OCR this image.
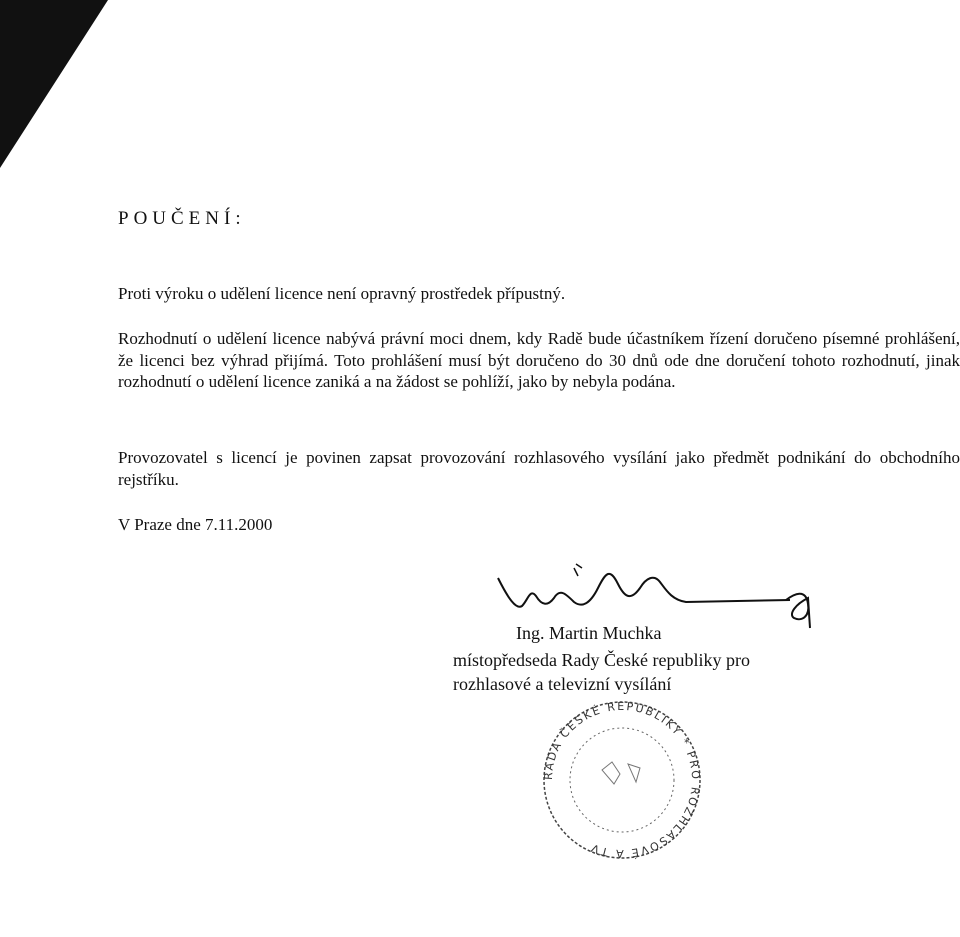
POUČENÍ:

Proti výroku o udělení licence není opravný prostředek přípustný.

Rozhodnutí o udělení licence nabývá právní moci dnem, kdy Radě bude účastníkem řízení doručeno písemné prohlášení, že licenci bez výhrad přijímá. Toto prohlášení musí být doručeno do 30 dnů ode dne doručení tohoto rozhodnutí, jinak rozhodnutí o udělení licence zaniká a na žádost se pohlíží, jako by nebyla podána.

Provozovatel s licencí je povinen zapsat provozování rozhlasového vysílání jako předmět podnikání do obchodního rejstříku.

V Praze dne 7.11.2000
Ing. Martin Muchka
místopředseda Rady České republiky pro
rozhlasové a televizní vysílání
RADA ČESKÉ REPUBLIKY * PRO ROZHLASOVÉ A TV
